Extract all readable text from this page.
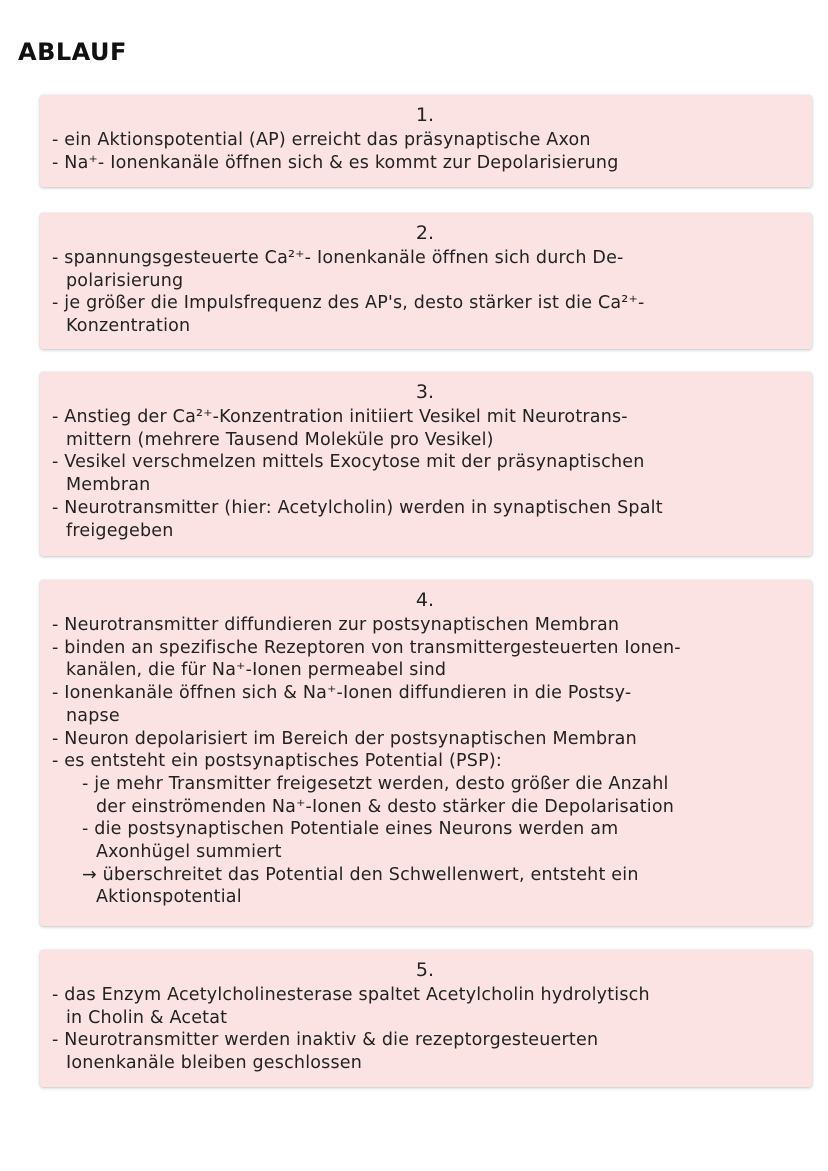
ABLAUF
1.
- ein Aktionspotential (AP) erreicht das präsynaptische Axon
- Na⁺- Ionenkanäle öffnen sich & es kommt zur Depolarisierung
2.
- spannungsgesteuerte Ca²⁺- Ionenkanäle öffnen sich durch De-
polarisierung
- je größer die Impulsfrequenz des AP's, desto stärker ist die Ca²⁺-
Konzentration
3.
- Anstieg der Ca²⁺-Konzentration initiiert Vesikel mit Neurotrans-
mittern (mehrere Tausend Moleküle pro Vesikel)
- Vesikel verschmelzen mittels Exocytose mit der präsynaptischen
Membran
- Neurotransmitter (hier: Acetylcholin) werden in synaptischen Spalt
freigegeben
4.
- Neurotransmitter diffundieren zur postsynaptischen Membran
- binden an spezifische Rezeptoren von transmittergesteuerten Ionen-
kanälen, die für Na⁺-Ionen permeabel sind
- Ionenkanäle öffnen sich & Na⁺-Ionen diffundieren in die Postsy-
napse
- Neuron depolarisiert im Bereich der postsynaptischen Membran
- es entsteht ein postsynaptisches Potential (PSP):
- je mehr Transmitter freigesetzt werden, desto größer die Anzahl
der einströmenden Na⁺-Ionen & desto stärker die Depolarisation
- die postsynaptischen Potentiale eines Neurons werden am
Axonhügel summiert
→ überschreitet das Potential den Schwellenwert, entsteht ein
Aktionspotential
5.
- das Enzym Acetylcholinesterase spaltet Acetylcholin hydrolytisch
in Cholin & Acetat
- Neurotransmitter werden inaktiv & die rezeptorgesteuerten
Ionenkanäle bleiben geschlossen
